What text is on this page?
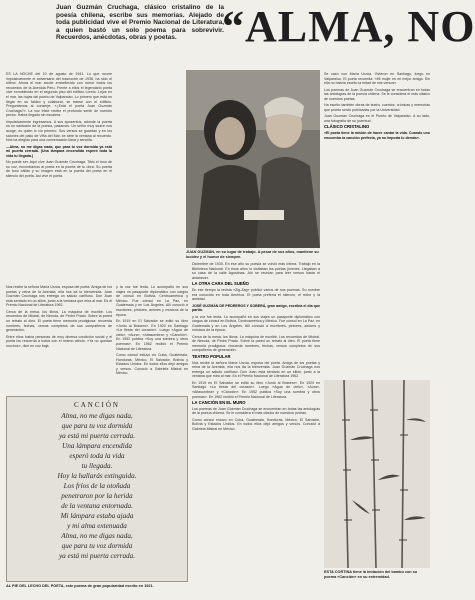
Juan Guzmán Cruchaga, clásico cristalino de la poesía chilena, escribe sus memorias. Alejado de toda publicidad vive el Premio Nacional de Literatura, a quien bastó un solo poema para sobrevivir. Recuerdos, anécdotas, obras y poetas.	“ALMA, NO

ES LA NOCHE del 10 de agosto de 1941. Lo que ocurre impulsivamente el aniversario del trasnoche de 1936, ha sido el último. Ahora el mar acude embellecido con rumor todos los recuerdos de la Avenida Perú. Frente a ellos el legendario poeta vive ennoblecido en el segundo piso del edificio Loreto. Lejos en el mar, las hojas del puerto de Valparaíso. Lo primero que está en llegar en su faldeo y colaborar, se transe con el edificio. Preguntamos al conserje: «¿Está el poeta Juan Guzmán Cruchaga?». La voz triste recibe el profundo sentir de nuestro pecho. Había llegado sin escalera.

Impulsivamente ingresamos. A sus aposentos, adonde la puerta es un santuario de la poesía, pasamos. Un señor muy suave nos acoge, es quien lo vio primero. Sus versos se guardan y en los salones del patio de Viña del Mar, se abre la ventana al recuerdo. Nos ha elegido para una conversación llana y sencilla.

—Alma, no me digas nada, que para tu voz dormida ya está mi puerta cerrada. (Una lámpara encendida esperó toda la vida tu llegada.)

No puede ser. Aquí vive Juan Guzmán Cruchaga. Tibio el tono de su voz, encontramos al poeta en la puerta de tu obra. Su puerta de tono cálido y su imagen está en la puerta del poeta en el silencio del poeta. Así vive el poeta.

Nos recibe la señora María Urzúa, esposa del poeta. Amiga de los poetas y reina de la Avenida, ella nos da la bienvenida. Juan Guzmán Cruchaga nos entrega un saludo cariñoso. Don Juan está sentado en un sillón, junto a la ventana que mira al mar. Es el Premio Nacional de Literatura 1962.

Cerca de la mesa, los libros. La máquina de escribir. Los recuerdos de Mistral, de Neruda, de Pedro Prado. Sobre la pared un retrato al óleo. El poeta tiene memoria prodigiosa: recuerda nombres, fechas, versos completos de sus compañeros de generación.

Entre ellos había personas de muy diversa condición social y el poeta los recuerda a todos con el mismo afecto. «Ya no quedan muchos», dice en voz baja.

y la voz fue lenta. Lo acompañó en sus viajes un pasaporte diplomático con cargos de cónsul en Bolivia, Centroamérica y México. Fue cónsul en La Paz, en Guatemala y en Los Ángeles. Allí conoció a escritores, pintores, actores y músicos de la época.

En 1919 en El Salvador se editó su libro «Junto al Brasero». En 1920 en Santiago «La fiesta del corazón». Luego «Agua de cielo», «Aura», «Altasombra» y «Canción». En 1952 publica «Soy una sombra y otros poemas». En 1962 recibió el Premio Nacional de Literatura.

Como cónsul estuvo en Cuba, Guatemala, Honduras, México, El Salvador, Bolivia y Estados Unidos. En todos ellos dejó amigos y versos. Conoció a Gabriela Mistral en México.

JUAN GUZMÁN, en su lugar de trabajo. A pesar de sus años, mantiene su lucidez y el humor de siempre.

Se casó con María Urzúa. Vivieron en Santiago, luego en Valparaíso. El poeta recuerda: «Mi mujer es mi mejor amiga. Sin ella no habría escrito la mitad de mis versos».

Los poemas de Juan Guzmán Cruchaga se encuentran en todas las antologías de la poesía chilena. Se le considera el más clásico de nuestros poetas.

Ha escrito también obras de teatro, cuentos, crónicas y memorias que pronto serán publicadas por la Universidad.

Juan Guzmán Cruchaga en el Puerto de Valparaíso. A su lado, una fotografía de su juventud.

CLÁSICO CRISTALINO

«El poeta tiene la misión de hacer cantar la vida. Cuando uno encuentra la canción perfecta, ya no importa lo demás».

Diciembre de 1930. En ese año su poesía se volvió más íntima. Trabajó en la Biblioteca Nacional. En esos años lo visitaban los poetas jóvenes. Llegaban a su casa de la calle Agustinas. Ahí se reunían para leer versos hasta el amanecer.

LA OTRA CARA DEL SUEÑO

En ese tiempo la revista «Zig-Zag» publicó varios de sus poemas. Su nombre era conocido en toda América. El poeta prefería el silencio, el retiro y la amistad.

JOSÉ GUZMÁN DE PEDREROS Y SOBERÁ, gran amigo, escribía el día que partió.

y la voz fue lenta. Lo acompañó en sus viajes un pasaporte diplomático con cargos de cónsul en Bolivia, Centroamérica y México. Fue cónsul en La Paz, en Guatemala y en Los Ángeles. Allí conoció a escritores, pintores, actores y músicos de la época.

Cerca de la mesa, los libros. La máquina de escribir. Los recuerdos de Mistral, de Neruda, de Pedro Prado. Sobre la pared un retrato al óleo. El poeta tiene memoria prodigiosa: recuerda nombres, fechas, versos completos de sus compañeros de generación.

TEATRO POPULAR

Nos recibe la señora María Urzúa, esposa del poeta. Amiga de los poetas y reina de la Avenida, ella nos da la bienvenida. Juan Guzmán Cruchaga nos entrega un saludo cariñoso. Don Juan está sentado en un sillón, junto a la ventana que mira al mar. Es el Premio Nacional de Literatura 1962.

En 1919 en El Salvador se editó su libro «Junto al Brasero». En 1920 en Santiago «La fiesta del corazón». Luego «Agua de cielo», «Aura», «Altasombra» y «Canción». En 1952 publica «Soy una sombra y otros poemas». En 1962 recibió el Premio Nacional de Literatura.

LA CANCIÓN EN EL MURO

Los poemas de Juan Guzmán Cruchaga se encuentran en todas las antologías de la poesía chilena. Se le considera el más clásico de nuestros poetas.

Como cónsul estuvo en Cuba, Guatemala, Honduras, México, El Salvador, Bolivia y Estados Unidos. En todos ellos dejó amigos y versos. Conoció a Gabriela Mistral en México.

CANCIÓN

Alma, no me digas nada,

que para tu voz dormida

ya está mi puerta cerrada.

Una lámpara encendida

esperó toda la vida

tu llegada.

Hoy la hallarás extinguida.

Los fríos de la otoñada

penetraron por la herida

de la ventana entornada.

Mi lámpara estaba ajada

y mi alma extenuada

Alma, no me digas nada,

que para tu voz dormida

ya está mi puerta cerrada.

AL PIE DEL LECHO DEL POETA, este poema de gran popularidad escrito en 1921.
ESTA CORTINA tiene la imitación del bambú con su poema «Canción» en su extremidad.
